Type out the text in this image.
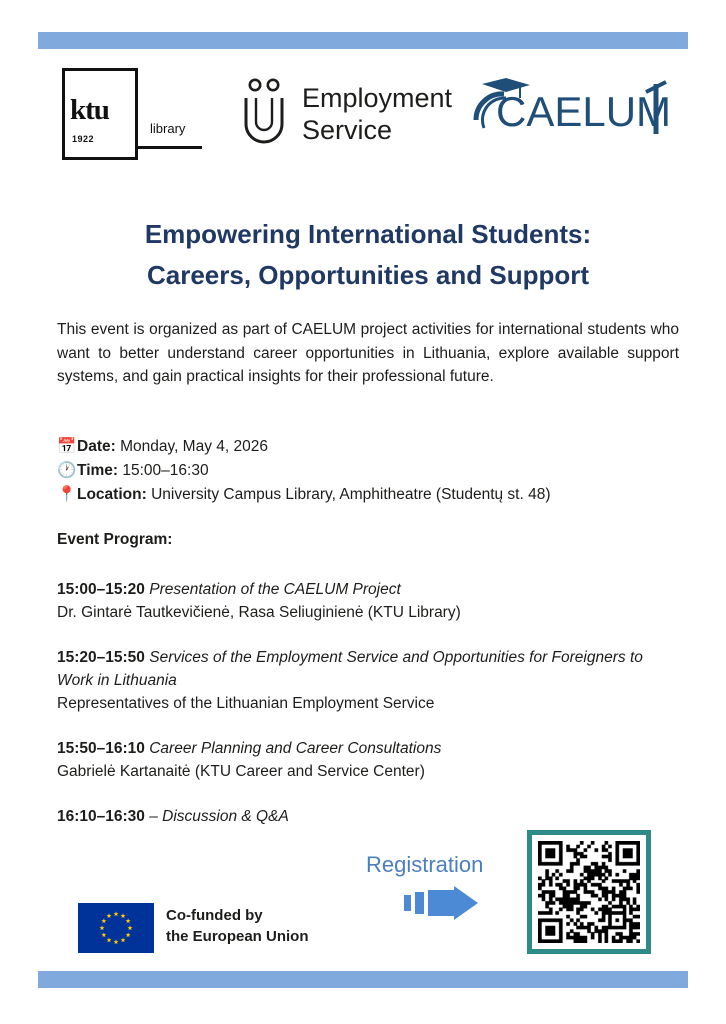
ktu
1922
library
Employment
Service	CAELUM
Empowering International Students:
Careers, Opportunities and Support
This event is organized as part of CAELUM project activities for international students who want to better understand career opportunities in Lithuania, explore available support systems, and gain practical insights for their professional future.
📅Date: Monday, May 4, 2026
🕐Time: 15:00–16:30
📍Location: University Campus Library, Amphitheatre (Studentų st. 48)
Event Program:
15:00–15:20 Presentation of the CAELUM Project
Dr. Gintarė Tautkevičienė, Rasa Seliuginienė (KTU Library)
15:20–15:50 Services of the Employment Service and Opportunities for Foreigners to Work in Lithuania
Representatives of the Lithuanian Employment Service
15:50–16:10 Career Planning and Career Consultations
Gabrielė Kartanaitė (KTU Career and Service Center)
16:10–16:30 – Discussion & Q&A
Registration
Co-funded by
the European Union
